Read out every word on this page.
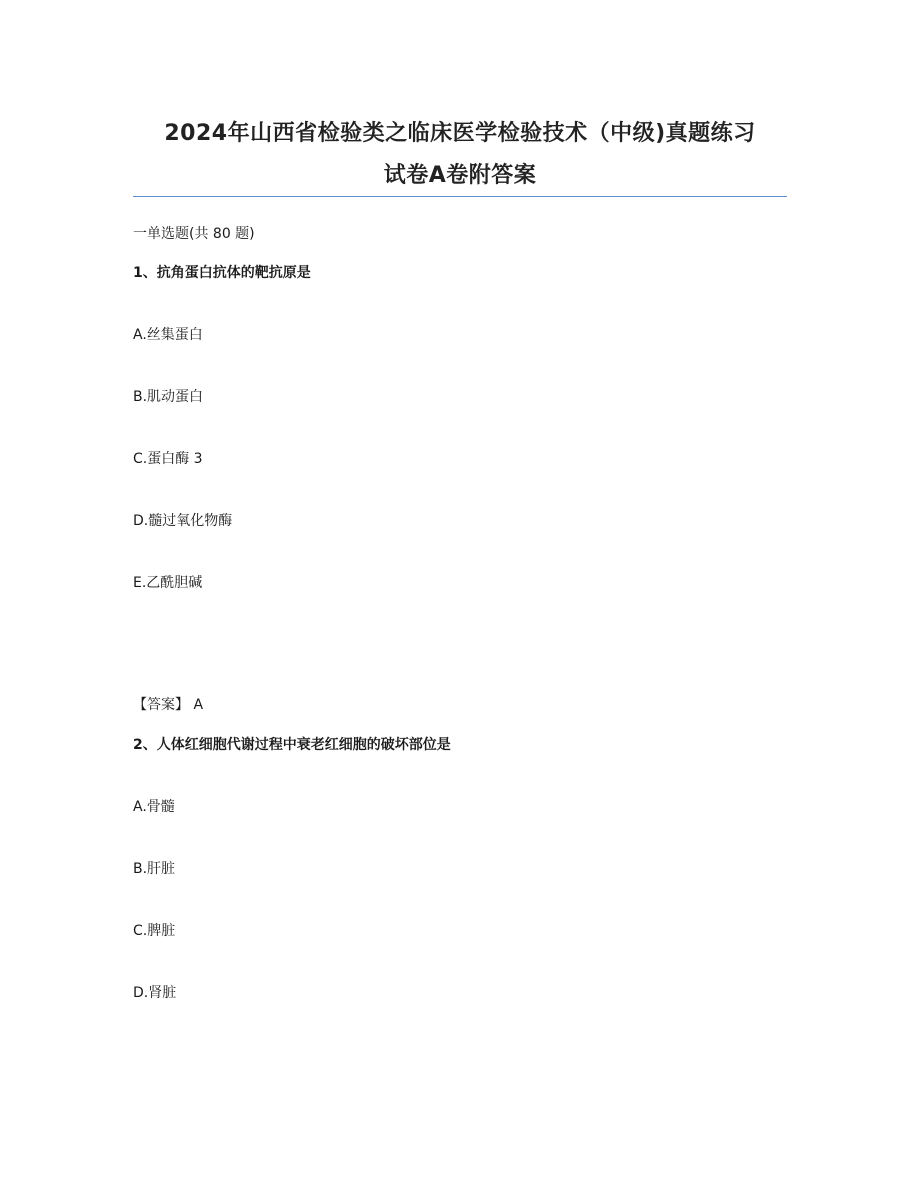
2024年山西省检验类之临床医学检验技术（中级)真题练习
试卷A卷附答案
一单选题(共 80 题)
1、抗角蛋白抗体的靶抗原是
A.丝集蛋白
B.肌动蛋白
C.蛋白酶 3
D.髓过氧化物酶
E.乙酰胆碱
【答案】 A
2、人体红细胞代谢过程中衰老红细胞的破坏部位是
A.骨髓
B.肝脏
C.脾脏
D.肾脏
